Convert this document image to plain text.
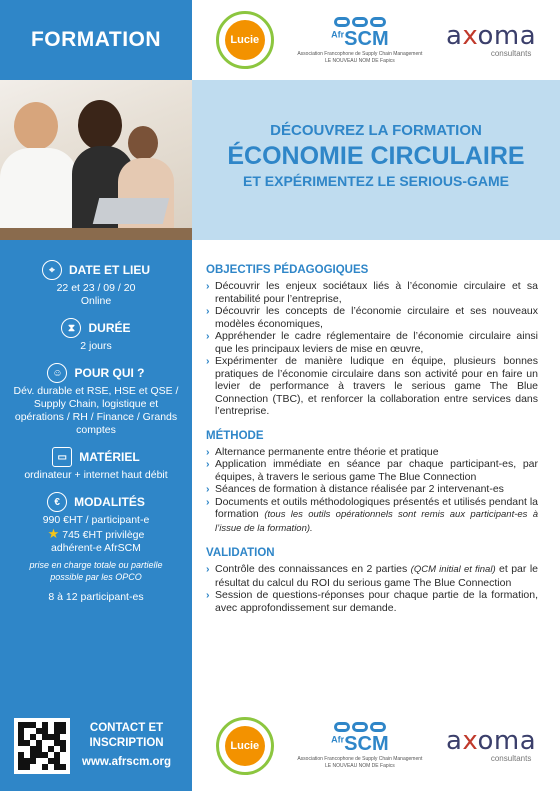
FORMATION	Lucie
$^{Afr}$SCM
Association Francophone de Supply Chain Management
LE NOUVEAU NOM DE Fapics
axoma
consultants
DÉCOUVREZ LA FORMATION
ÉCONOMIE CIRCULAIRE
ET EXPÉRIMENTEZ LE SERIOUS-GAME
⌖	DATE ET LIEU
22 et 23 / 09 / 20
Online
⧗	DURÉE
2 jours
☺ POUR QUI ?
Dév. durable et RSE, HSE et QSE / Supply Chain, logistique et opérations / RH / Finance / Grands comptes
▭	MATÉRIEL
ordinateur + internet haut débit
€	MODALITÉS
990 €HT / participant-e
★ 745 €HT privilège
adhérent-e AfrSCM
prise en charge totale ou partielle possible par les OPCO
8 à 12 participant-es
OBJECTIFS PÉDAGOGIQUES
› Découvrir les enjeux sociétaux liés à l’économie circulaire et sa rentabilité pour l’entreprise,
› Découvrir les concepts de l’économie circulaire et ses nouveaux modèles économiques,
› Appréhender le cadre réglementaire de l’économie circulaire ainsi que les principaux leviers de mise en œuvre,
› Expérimenter de manière ludique en équipe, plusieurs bonnes pratiques de l’économie circulaire dans son activité pour en faire un levier de performance à travers le serious game The Blue Connection (TBC), et renforcer la collaboration entre services dans l’entreprise.
MÉTHODE
› Alternance permanente entre théorie et pratique
› Application immédiate en séance par chaque participant-es, par équipes, à travers le serious game The Blue Connection
› Séances de formation à distance réalisée par 2 intervenant-es
› Documents et outils méthodologiques présentés et utilisés pendant la formation (tous les outils opérationnels sont remis aux participant-es à l’issue de la formation).
VALIDATION
› Contrôle des connaissances en 2 parties (QCM initial et final) et par le résultat du calcul du ROI du serious game The Blue Connection
› Session de questions-réponses pour chaque partie de la formation, avec approfondissement sur demande.
CONTACT ET
INSCRIPTION
www.afrscm.org
Lucie
$^{Afr}$SCM
Association Francophone de Supply Chain Management
LE NOUVEAU NOM DE Fapics
axoma
consultants
